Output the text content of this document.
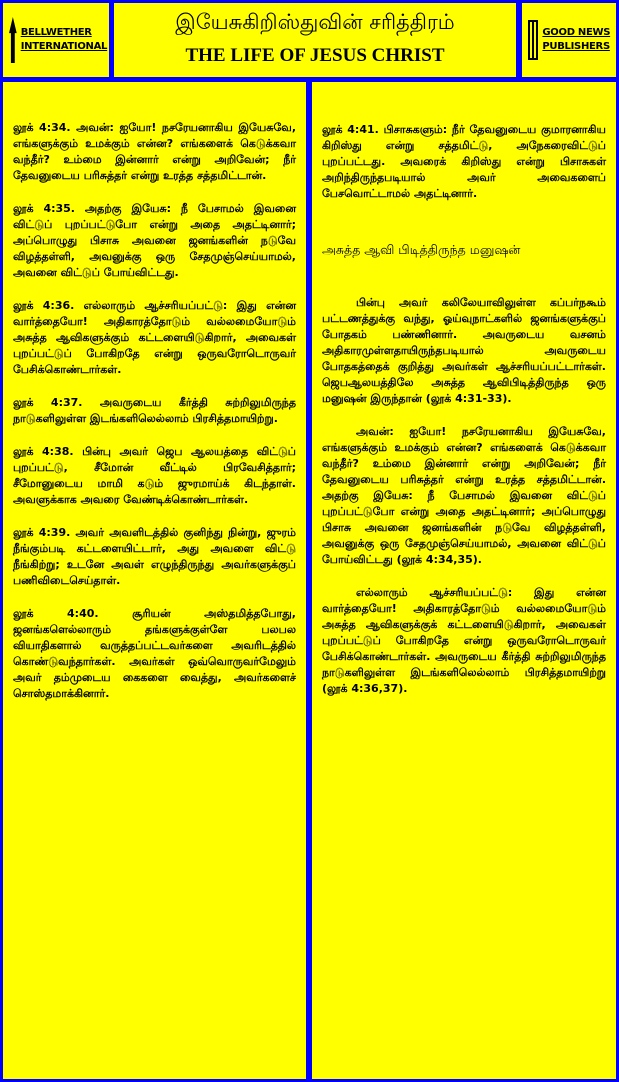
BELLWETHER INTERNATIONAL
இயேசுகிறிஸ்துவின் சரித்திரம்
THE LIFE OF JESUS CHRIST
GOOD NEWS PUBLISHERS

லூக் 4:34. அவன்: ஐயோ! நசரேயனாகிய இயேசுவே, எங்களுக்கும் உமக்கும் என்ன? எங்களைக் கெடுக்கவா வந்தீர்? உம்மை இன்னார் என்று அறிவேன்; நீர் தேவனுடைய பரிசுத்தர் என்று உரத்த சத்தமிட்டான்.

லூக் 4:35. அதற்கு இயேசு: நீ பேசாமல் இவனை விட்டுப் புறப்பட்டுபோ என்று அதை அதட்டினார்; அப்பொழுது பிசாசு அவனை ஜனங்களின் நடுவே விழத்தள்ளி, அவனுக்கு ஒரு சேதமுஞ்செய்யாமல், அவனை விட்டுப் போய்விட்டது.

லூக் 4:36. எல்லாரும் ஆச்சரியப்பட்டு: இது என்ன வார்த்தையோ! அதிகாரத்தோடும் வல்லமையோடும் அசுத்த ஆவிகளுக்கும் கட்டளையிடுகிறார், அவைகள் புறப்பட்டுப் போகிறதே என்று ஒருவரோடொருவர் பேசிக்கொண்டார்கள்.

லூக் 4:37. அவருடைய கீர்த்தி சுற்றிலுமிருந்த நாடுகளிலுள்ள இடங்களிலெல்லாம் பிரசித்தமாயிற்று.

லூக் 4:38. பின்பு அவர் ஜெப ஆலயத்தை விட்டுப் புறப்பட்டு, சீமோன் வீட்டில் பிரவேசித்தார்; சீமோனுடைய மாமி கடும் ஜுரமாய்க் கிடந்தாள். அவளுக்காக அவரை வேண்டிக்கொண்டார்கள்.

லூக் 4:39. அவர் அவளிடத்தில் குனிந்து நின்று, ஜுரம் நீங்கும்படி கட்டளையிட்டார், அது அவளை விட்டு நீங்கிற்று; உடனே அவள் எழுந்திருந்து அவர்களுக்குப் பணிவிடைசெய்தாள்.

லூக் 4:40. சூரியன் அஸ்தமித்தபோது, ஜனங்களெல்லாரும் தங்களுக்குள்ளே பலபல வியாதிகளால் வருத்தப்பட்டவர்களை அவரிடத்தில் கொண்டுவந்தார்கள். அவர்கள் ஒவ்வொருவர்மேலும் அவர் தம்முடைய கைகளை வைத்து, அவர்களைச் சொஸ்தமாக்கினார்.

லூக் 4:41. பிசாசுகளும்: நீர் தேவனுடைய குமாரனாகிய கிறிஸ்து என்று சத்தமிட்டு, அநேகரைவிட்டுப் புறப்பட்டது. அவரைக் கிறிஸ்து என்று பிசாசுகள் அறிந்திருந்தபடியால் அவர் அவைகளைப் பேசவொட்டாமல் அதட்டினார்.

அசுத்த ஆவி பிடித்திருந்த மனுஷன்

பின்பு அவர் கலிலேயாவிலுள்ள கப்பர்நகூம் பட்டணத்துக்கு வந்து, ஓய்வுநாட்களில் ஜனங்களுக்குப் போதகம் பண்ணினார். அவருடைய வசனம் அதிகாரமுள்ளதாயிருந்தபடியால் அவருடைய போதகத்தைக் குறித்து அவர்கள் ஆச்சரியப்பட்டார்கள். ஜெபஆலயத்திலே அசுத்த ஆவிபிடித்திருந்த ஒரு மனுஷன் இருந்தான் (லூக் 4:31-33).

அவன்: ஐயோ! நசரேயனாகிய இயேசுவே, எங்களுக்கும் உமக்கும் என்ன? எங்களைக் கெடுக்கவா வந்தீர்? உம்மை இன்னார் என்று அறிவேன்; நீர் தேவனுடைய பரிசுத்தர் என்று உரத்த சத்தமிட்டான். அதற்கு இயேசு: நீ பேசாமல் இவனை விட்டுப் புறப்பட்டுபோ என்று அதை அதட்டினார்; அப்பொழுது பிசாசு அவனை ஜனங்களின் நடுவே விழத்தள்ளி, அவனுக்கு ஒரு சேதமுஞ்செய்யாமல், அவனை விட்டுப் போய்விட்டது (லூக் 4:34,35).

எல்லாரும் ஆச்சரியப்பட்டு: இது என்ன வார்த்தையோ! அதிகாரத்தோடும் வல்லமையோடும் அசுத்த ஆவிகளுக்குக் கட்டளையிடுகிறார், அவைகள் புறப்பட்டுப் போகிறதே என்று ஒருவரோடொருவர் பேசிக்கொண்டார்கள். அவருடைய கீர்த்தி சுற்றிலுமிருந்த நாடுகளிலுள்ள இடங்களிலெல்லாம் பிரசித்தமாயிற்று (லூக் 4:36,37).
